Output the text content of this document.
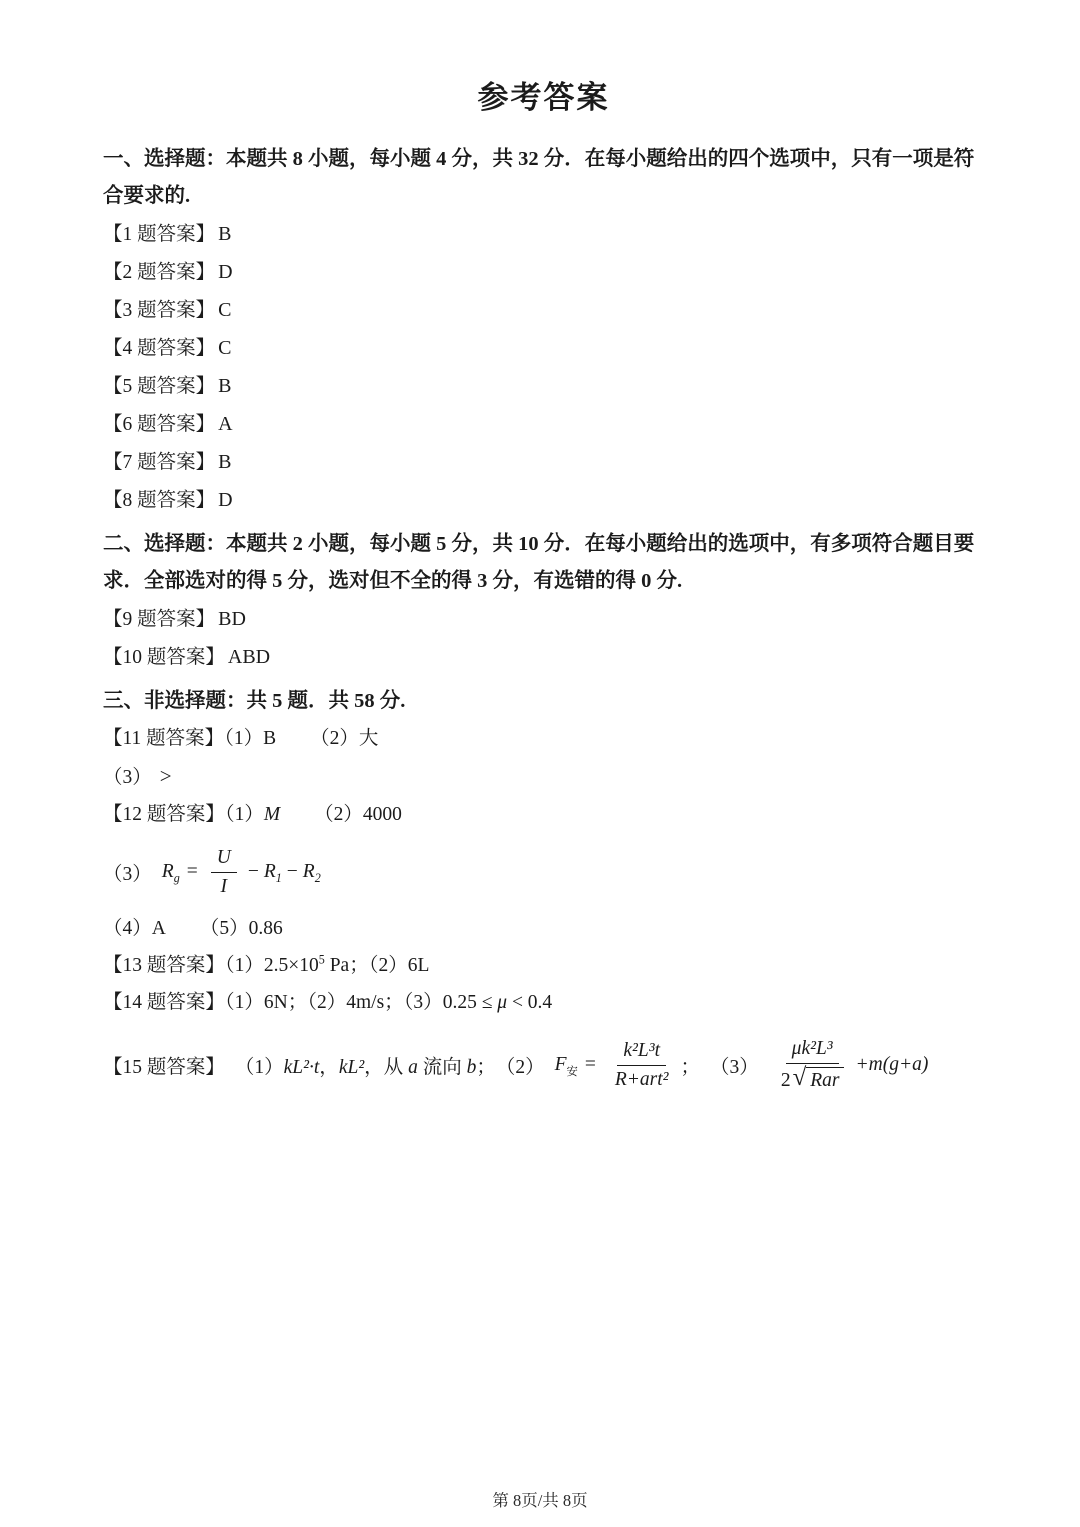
参考答案

一、选择题：本题共 8 小题，每小题 4 分，共 32 分．在每小题给出的四个选项中，只有一项是符合要求的.

【1 题答案】 B
【2 题答案】 D
【3 题答案】 C
【4 题答案】 C
【5 题答案】 B
【6 题答案】 A
【7 题答案】 B
【8 题答案】 D

二、选择题：本题共 2 小题，每小题 5 分，共 10 分．在每小题给出的选项中，有多项符合题目要求．全部选对的得 5 分，选对但不全的得 3 分，有选错的得 0 分.

【9 题答案】 BD
【10 题答案】 ABD

三、非选择题：共 5 题．共 58 分.

【11 题答案】（1）B （2）大
（3） >
【12 题答案】（1）M （2）4000
（3） $R_g = \frac{U}{I} - R_1 - R_2$
（4）A （5）0.86
【13 题答案】$(1)2.5\times 10^5$ Pa；（2）6L
【14 题答案】（1）6N；（2）4m/s；（3）0.25 ≤ μ < 0.4
【15 题答案】 （1）kL²·t，kL²，从 a 流向 b； （2） $F_安 = \frac{\text{k²L³t}}{\text{R+art²}}$ ； $(3) \frac{\text{μk²L³}}{\text{2 √ Rar}} +m(g+a)$
第 8页/共 8页
